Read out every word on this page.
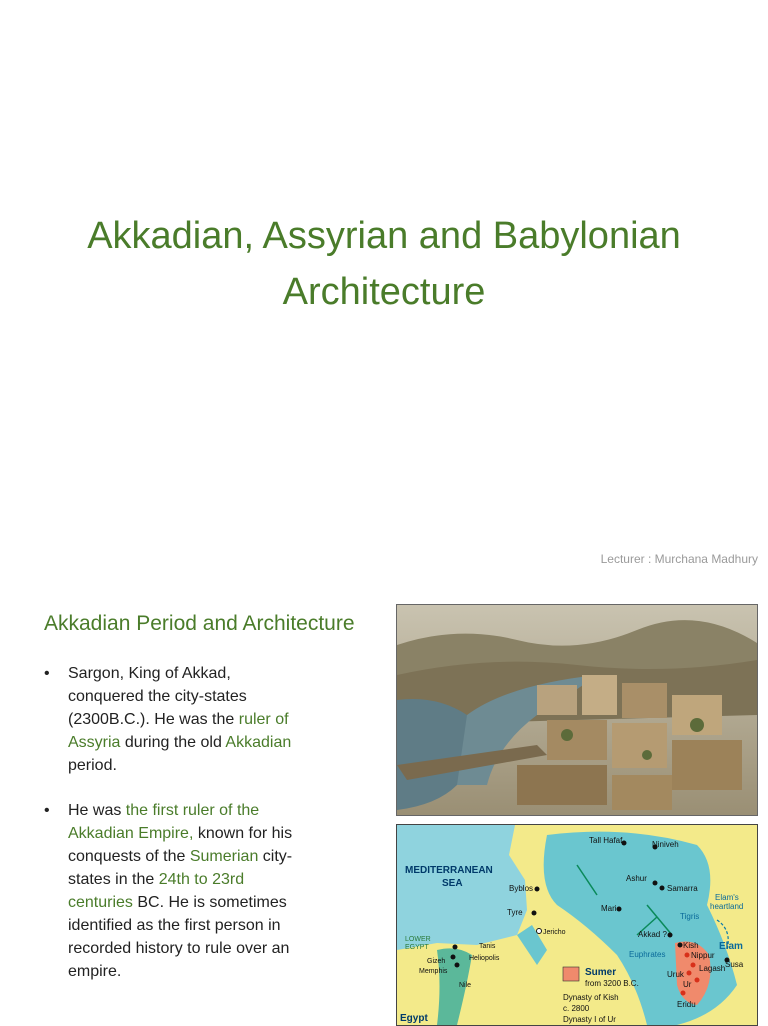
Akkadian, Assyrian and Babylonian Architecture
Lecturer : Murchana Madhury
Akkadian Period and Architecture
• Sargon, King of Akkad, conquered the city-states (2300B.C.). He was the ruler of Assyria during the old Akkadian period.
• He was the first ruler of the Akkadian Empire, known for his conquests of the Sumerian city-states in the 24th to 23rd centuries BC. He is sometimes identified as the first person in recorded history to rule over an empire.
MEDITERRANEAN
SEA
Tall Hafaf	Niniveh
Ashur
Samarra
Elam's
heartland
Byblos
Mari
Tigris
Tyre
Jericho	Akkad ?
Kish Elam
LOWER
EGYPT	Tanis
Heliopolis	Euphrates	Nippur
Susa
Gizeh
Lagash
Memphis	Sumer
from 3200 B.C.
Uruk
Ur
Nile
Dynasty of Kish
c. 2800	Eridu
Egypt	Dynasty I of Ur
